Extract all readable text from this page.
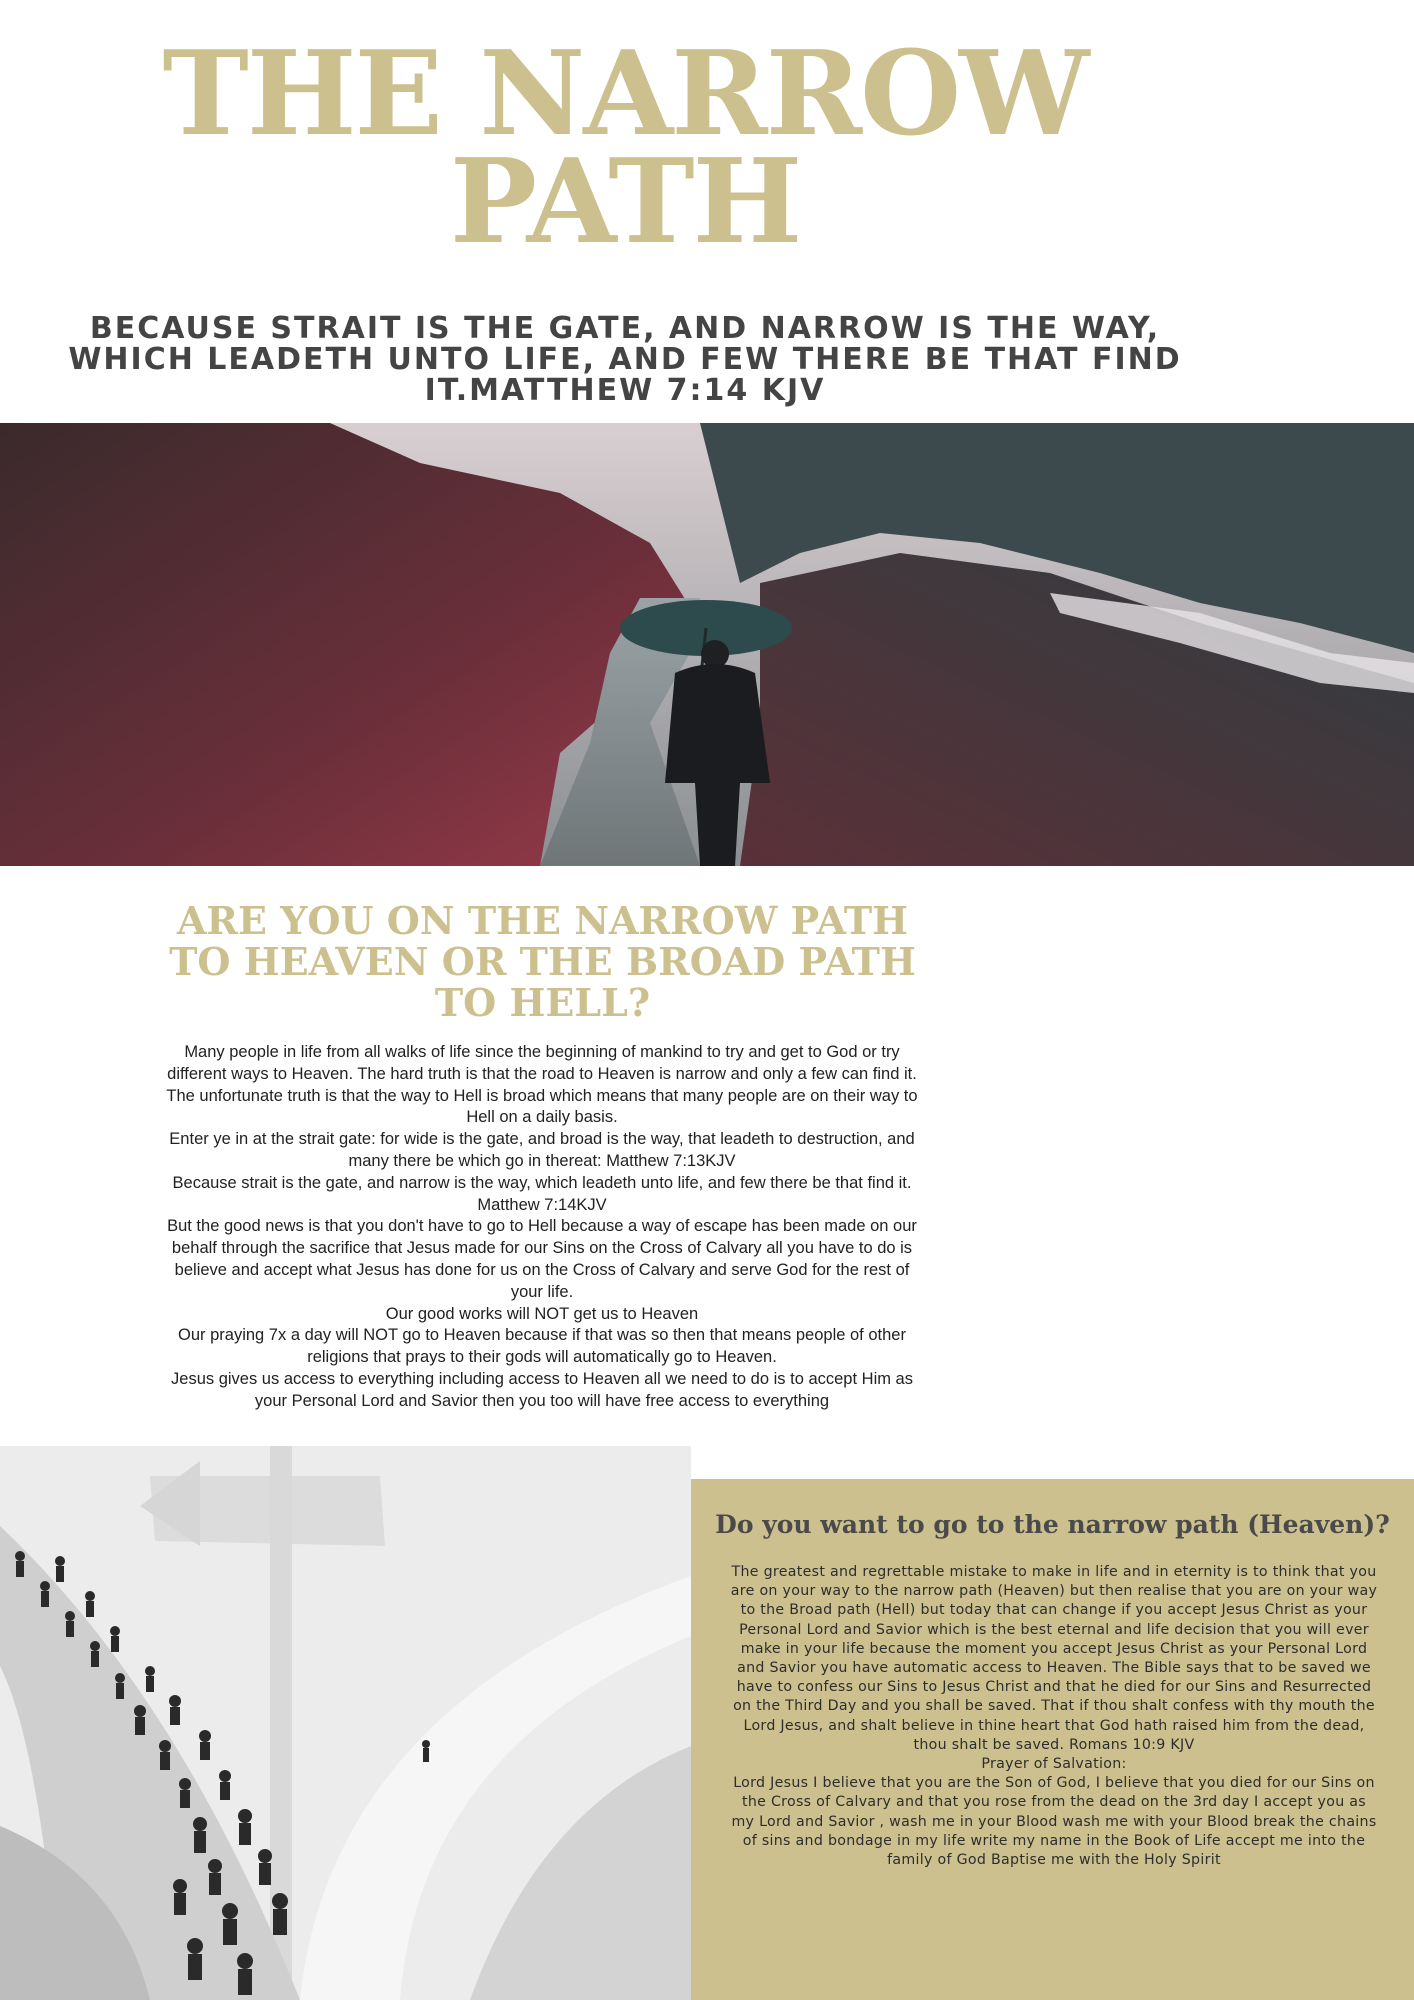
THE NARROW PATH
BECAUSE STRAIT IS THE GATE, AND NARROW IS THE WAY, WHICH LEADETH UNTO LIFE, AND FEW THERE BE THAT FIND IT.MATTHEW 7:14 KJV
ARE YOU ON THE NARROW PATH TO HEAVEN OR THE BROAD PATH TO HELL?

Many people in life from all walks of life since the beginning of mankind to try and get to God or try different ways to Heaven. The hard truth is that the road to Heaven is narrow and only a few can find it. The unfortunate truth is that the way to Hell is broad which means that many people are on their way to Hell on a daily basis.

Enter ye in at the strait gate: for wide is the gate, and broad is the way, that leadeth to destruction, and many there be which go in thereat: Matthew 7:13KJV

Because strait is the gate, and narrow is the way, which leadeth unto life, and few there be that find it. Matthew 7:14KJV

But the good news is that you don't have to go to Hell because a way of escape has been made on our behalf through the sacrifice that Jesus made for our Sins on the Cross of Calvary all you have to do is believe and accept what Jesus has done for us on the Cross of Calvary and serve God for the rest of your life.

Our good works will NOT get us to Heaven

Our praying 7x a day will NOT go to Heaven because if that was so then that means people of other religions that prays to their gods will automatically go to Heaven.

Jesus gives us access to everything including access to Heaven all we need to do is to accept Him as your Personal Lord and Savior then you too will have free access to everything

Do you want to go to the narrow path (Heaven)?

The greatest and regrettable mistake to make in life and in eternity is to think that you are on your way to the narrow path (Heaven) but then realise that you are on your way to the Broad path (Hell) but today that can change if you accept Jesus Christ as your Personal Lord and Savior which is the best eternal and life decision that you will ever make in your life because the moment you accept Jesus Christ as your Personal Lord and Savior you have automatic access to Heaven. The Bible says that to be saved we have to confess our Sins to Jesus Christ and that he died for our Sins and Resurrected on the Third Day and you shall be saved. That if thou shalt confess with thy mouth the Lord Jesus, and shalt believe in thine heart that God hath raised him from the dead, thou shalt be saved. Romans 10:9 KJV

Prayer of Salvation:

Lord Jesus I believe that you are the Son of God, I believe that you died for our Sins on the Cross of Calvary and that you rose from the dead on the 3rd day I accept you as my Lord and Savior , wash me in your Blood wash me with your Blood break the chains of sins and bondage in my life write my name in the Book of Life accept me into the family of God Baptise me with the Holy Spirit
